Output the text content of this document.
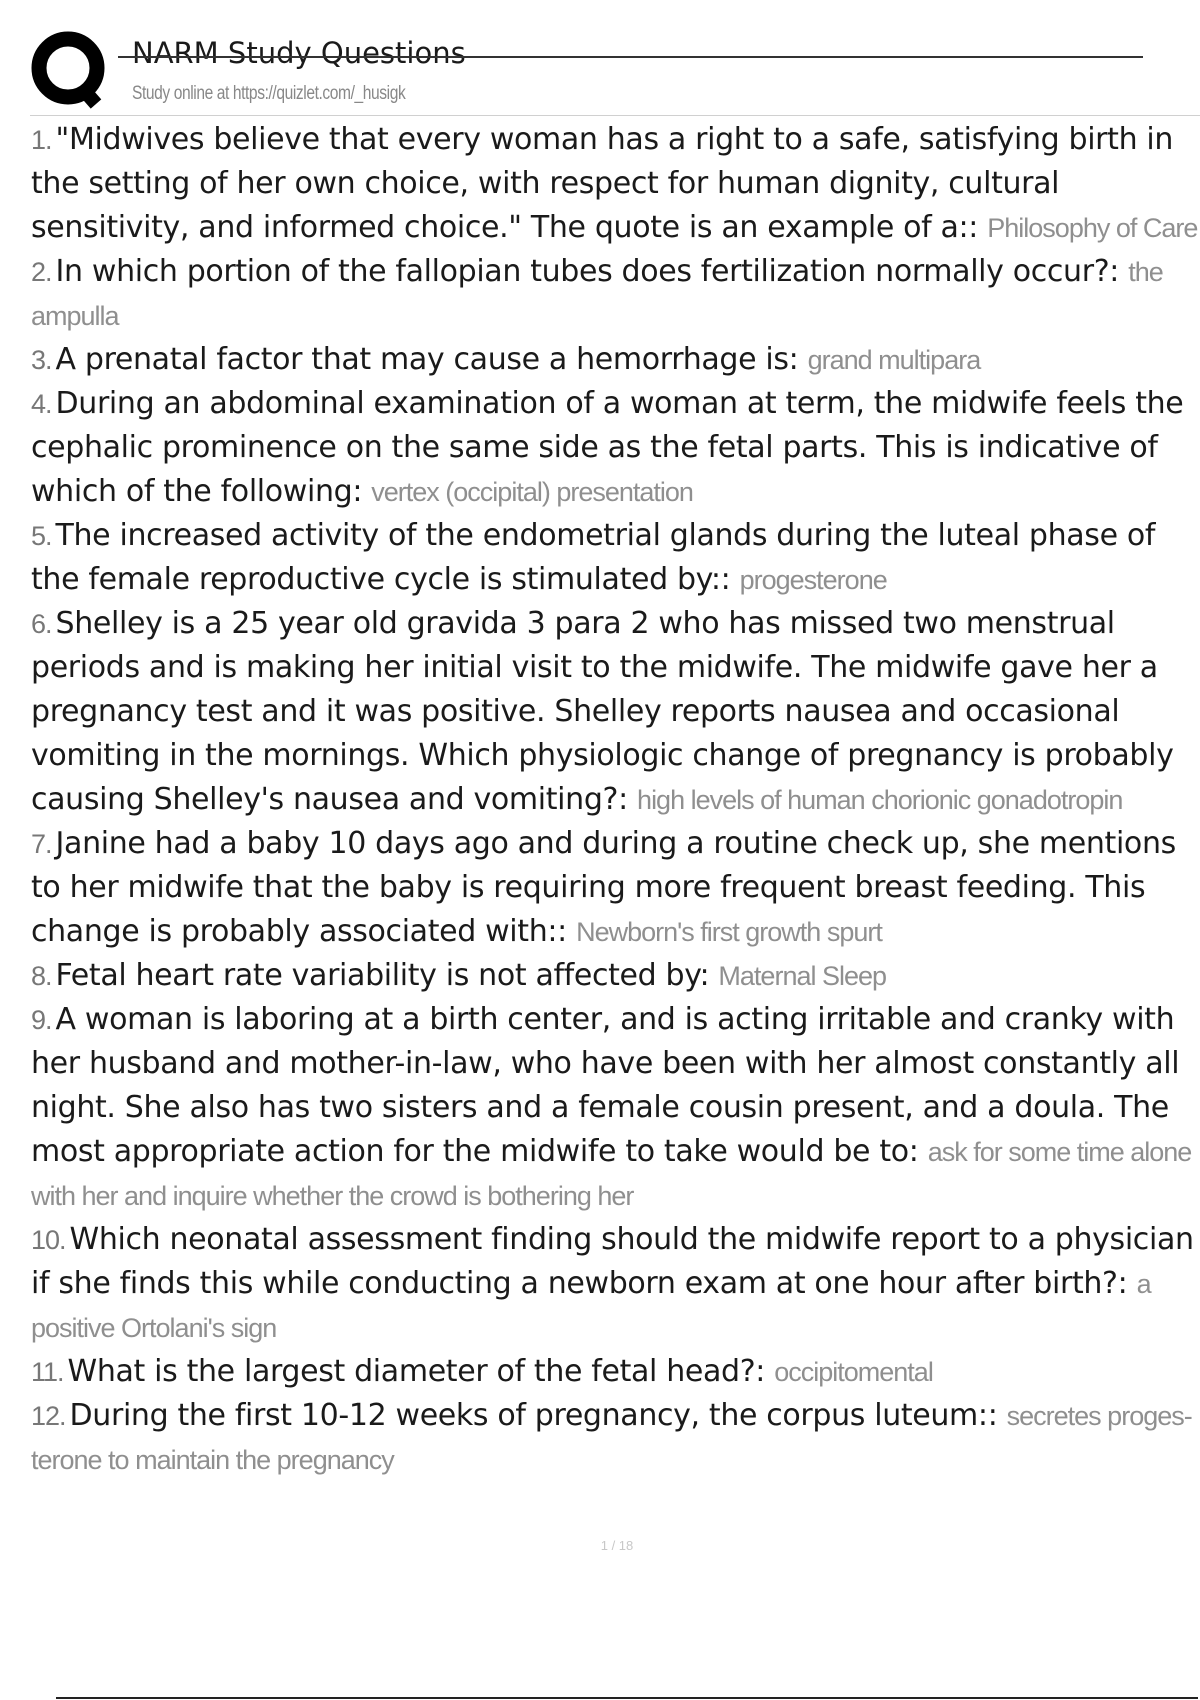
NARM Study Questions
Study online at https://quizlet.com/_husigk

1. "Midwives believe that every woman has a right to a safe, satisfying birth in the setting of her own choice, with respect for human dignity, cultural sensitivity, and informed choice." The quote is an example of a:: Philosophy of Care

2. In which portion of the fallopian tubes does fertilization normally occur?: the ampulla

3. A prenatal factor that may cause a hemorrhage is: grand multipara

4. During an abdominal examination of a woman at term, the midwife feels the cephalic prominence on the same side as the fetal parts. This is indicative of which of the following: vertex (occipital) presentation

5. The increased activity of the endometrial glands during the luteal phase of the female reproductive cycle is stimulated by:: progesterone

6. Shelley is a 25 year old gravida 3 para 2 who has missed two menstrual periods and is making her initial visit to the midwife. The midwife gave her a pregnancy test and it was positive. Shelley reports nausea and occasional vomiting in the mornings. Which physiologic change of pregnancy is probably causing Shelley's nausea and vomiting?: high levels of human chorionic gonadotropin

7. Janine had a baby 10 days ago and during a routine check up, she mentions to her midwife that the baby is requiring more frequent breast feeding. This change is probably associated with:: Newborn's first growth spurt

8. Fetal heart rate variability is not affected by: Maternal Sleep

9. A woman is laboring at a birth center, and is acting irritable and cranky with her husband and mother-in-law, who have been with her almost constantly all night. She also has two sisters and a female cousin present, and a doula. The most appropriate action for the midwife to take would be to: ask for some time alone with her and inquire whether the crowd is bothering her

10. Which neonatal assessment finding should the midwife report to a physician if she finds this while conducting a newborn exam at one hour after birth?: a positive Ortolani's sign

11. What is the largest diameter of the fetal head?: occipitomental

12. During the first 10-12 weeks of pregnancy, the corpus luteum:: secretes proges-terone to maintain the pregnancy

1 / 18
